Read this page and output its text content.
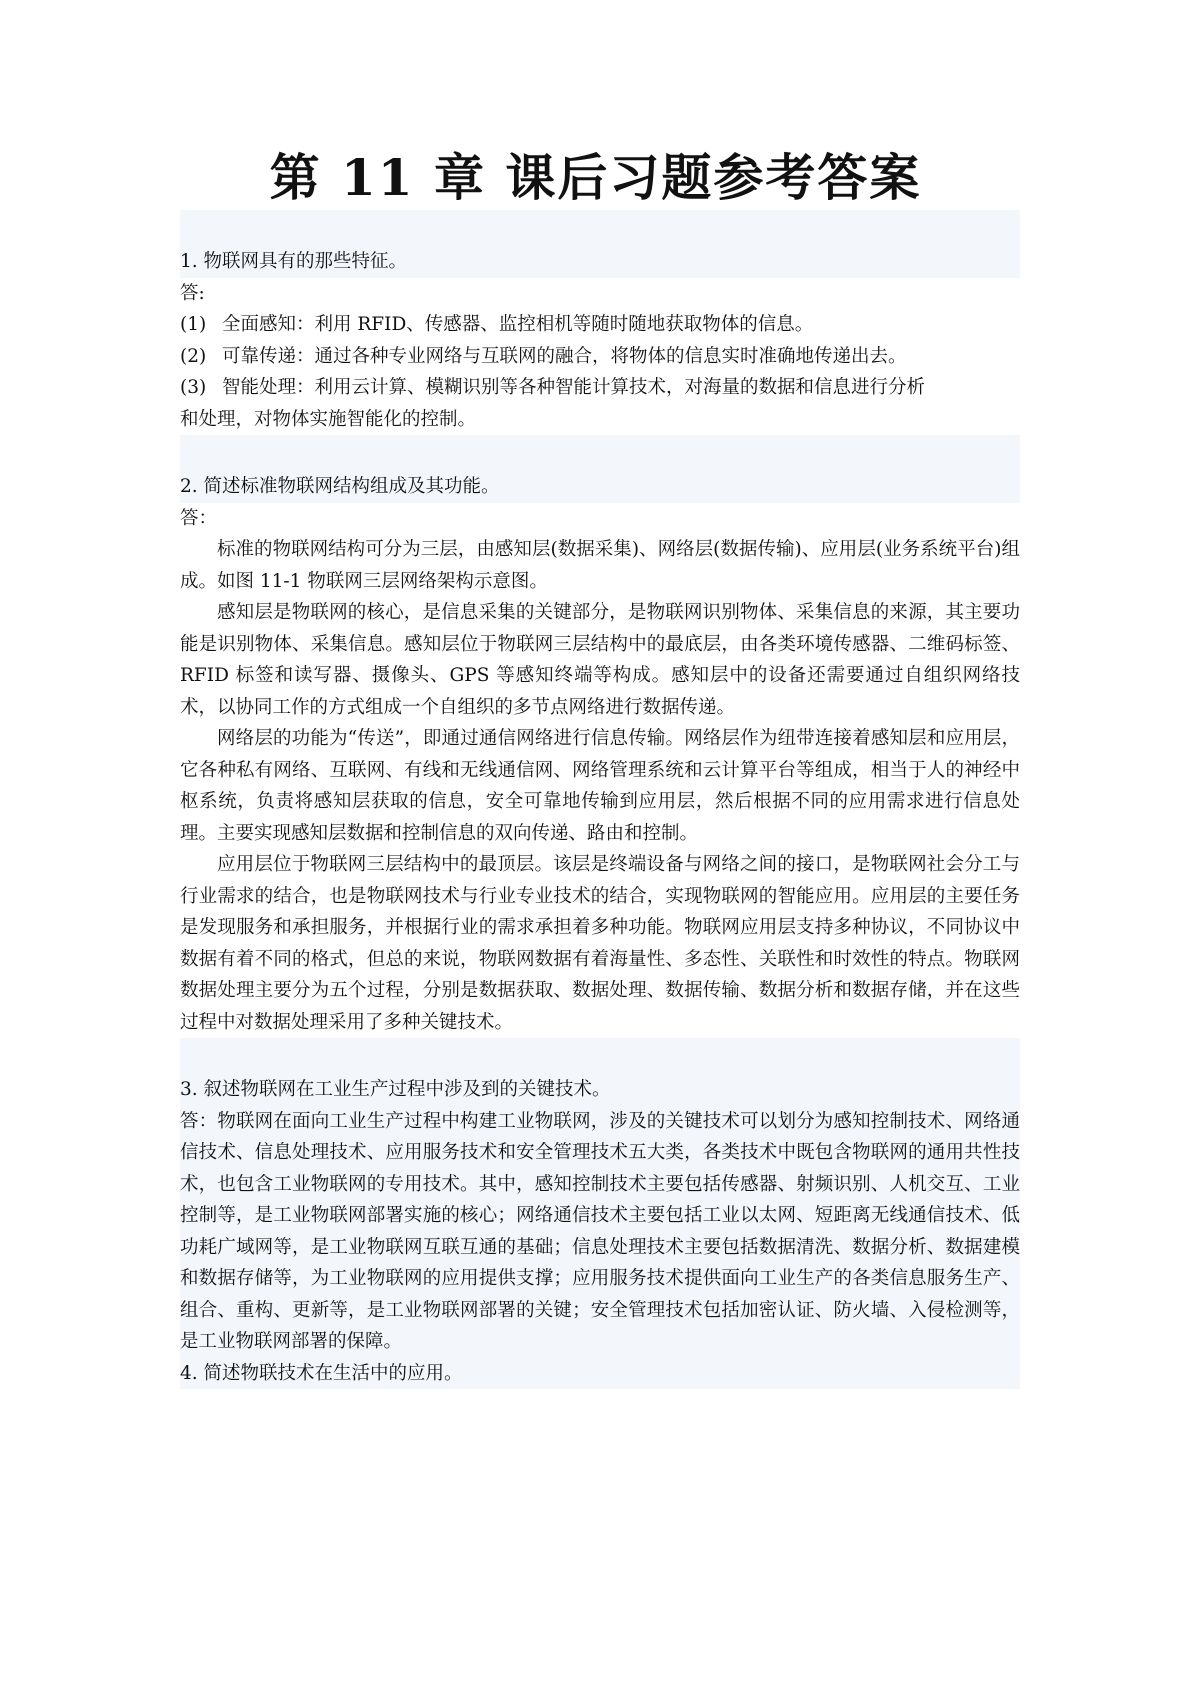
第 11 章 课后习题参考答案

1. 物联网具有的那些特征。

答:

(1) 全面感知：利用 RFID、传感器、监控相机等随时随地获取物体的信息。
(2) 可靠传递：通过各种专业网络与互联网的融合，将物体的信息实时准确地传递出去。
(3) 智能处理：利用云计算、模糊识别等各种智能计算技术，对海量的数据和信息进行分析

和处理，对物体实施智能化的控制。

2. 简述标准物联网结构组成及其功能。

答：

标准的物联网结构可分为三层，由感知层(数据采集)、网络层(数据传输)、应用层(业务系统平台)组成。如图 11-1 物联网三层网络架构示意图。

感知层是物联网的核心，是信息采集的关键部分，是物联网识别物体、采集信息的来源，其主要功能是识别物体、采集信息。感知层位于物联网三层结构中的最底层，由各类环境传感器、二维码标签、RFID 标签和读写器、摄像头、GPS 等感知终端等构成。感知层中的设备还需要通过自组织网络技术，以协同工作的方式组成一个自组织的多节点网络进行数据传递。

网络层的功能为“传送”，即通过通信网络进行信息传输。网络层作为纽带连接着感知层和应用层，它各种私有网络、互联网、有线和无线通信网、网络管理系统和云计算平台等组成，相当于人的神经中枢系统，负责将感知层获取的信息，安全可靠地传输到应用层，然后根据不同的应用需求进行信息处理。主要实现感知层数据和控制信息的双向传递、路由和控制。

应用层位于物联网三层结构中的最顶层。该层是终端设备与网络之间的接口，是物联网社会分工与行业需求的结合，也是物联网技术与行业专业技术的结合，实现物联网的智能应用。应用层的主要任务是发现服务和承担服务，并根据行业的需求承担着多种功能。物联网应用层支持多种协议，不同协议中数据有着不同的格式，但总的来说，物联网数据有着海量性、多态性、关联性和时效性的特点。物联网数据处理主要分为五个过程，分别是数据获取、数据处理、数据传输、数据分析和数据存储，并在这些过程中对数据处理采用了多种关键技术。

3. 叙述物联网在工业生产过程中涉及到的关键技术。

答：物联网在面向工业生产过程中构建工业物联网，涉及的关键技术可以划分为感知控制技术、网络通信技术、信息处理技术、应用服务技术和安全管理技术五大类，各类技术中既包含物联网的通用共性技术，也包含工业物联网的专用技术。其中，感知控制技术主要包括传感器、射频识别、人机交互、工业控制等，是工业物联网部署实施的核心；网络通信技术主要包括工业以太网、短距离无线通信技术、低功耗广域网等，是工业物联网互联互通的基础；信息处理技术主要包括数据清洗、数据分析、数据建模和数据存储等，为工业物联网的应用提供支撑；应用服务技术提供面向工业生产的各类信息服务生产、组合、重构、更新等，是工业物联网部署的关键；安全管理技术包括加密认证、防火墙、入侵检测等，是工业物联网部署的保障。

4. 简述物联技术在生活中的应用。
